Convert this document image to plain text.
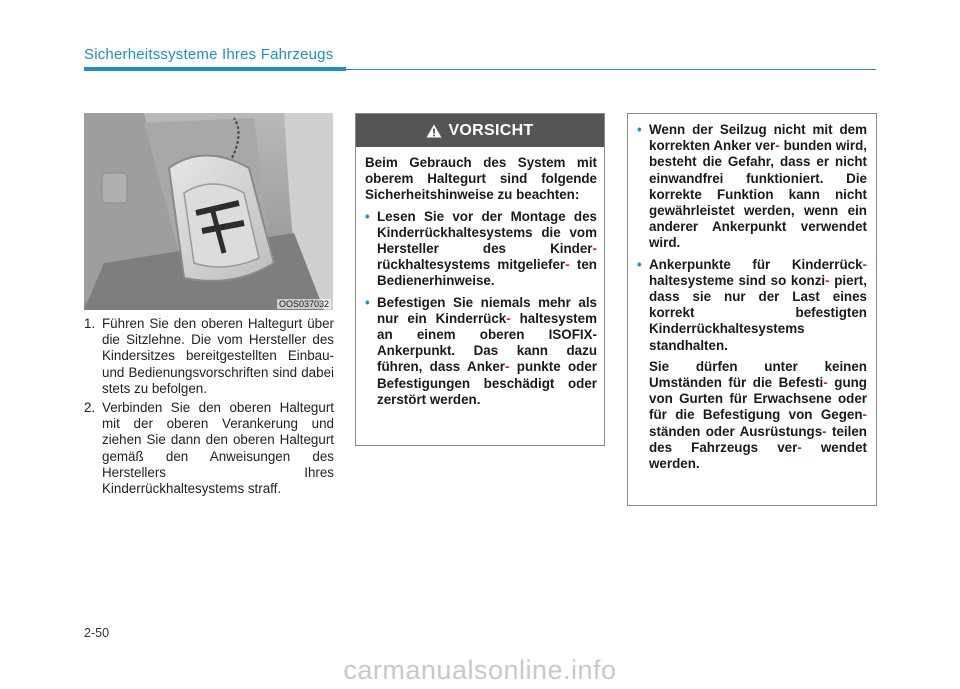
Sicherheitssysteme Ihres Fahrzeugs
OOS037032
1. Führen Sie den oberen Haltegurt über die Sitzlehne. Die vom Hersteller des Kindersitzes bereitgestellten Einbau- und Bedienungsvorschriften sind dabei stets zu befolgen.
2. Verbinden Sie den oberen Haltegurt mit der oberen Verankerung und ziehen Sie dann den oberen Haltegurt gemäß den Anweisungen des Herstellers Ihres Kinderrückhaltesystems straff.
VORSICHT

Beim Gebrauch des System mit oberem Haltegurt sind folgende Sicherheitshinweise zu beachten:

• Lesen Sie vor der Montage des Kinderrückhaltesystems die vom Hersteller des Kinder- rückhaltesystems mitgeliefer- ten Bedienerhinweise.
• Befestigen Sie niemals mehr als nur ein Kinderrück- haltesystem an einem oberen ISOFIX-Ankerpunkt. Das kann dazu führen, dass Anker- punkte oder Befestigungen beschädigt oder zerstört werden.
• Wenn der Seilzug nicht mit dem korrekten Anker ver- bunden wird, besteht die Gefahr, dass er nicht einwandfrei funktioniert. Die korrekte Funktion kann nicht gewährleistet werden, wenn ein anderer Ankerpunkt verwendet wird.
• Ankerpunkte für Kinderrück- haltesysteme sind so konzi- piert, dass sie nur der Last eines korrekt befestigten Kinderrückhaltesystems standhalten.

Sie dürfen unter keinen Umständen für die Befesti- gung von Gurten für Erwachsene oder für die Befestigung von Gegen- ständen oder Ausrüstungs- teilen des Fahrzeugs ver- wendet werden.

2-50
carmanualsonline.info
